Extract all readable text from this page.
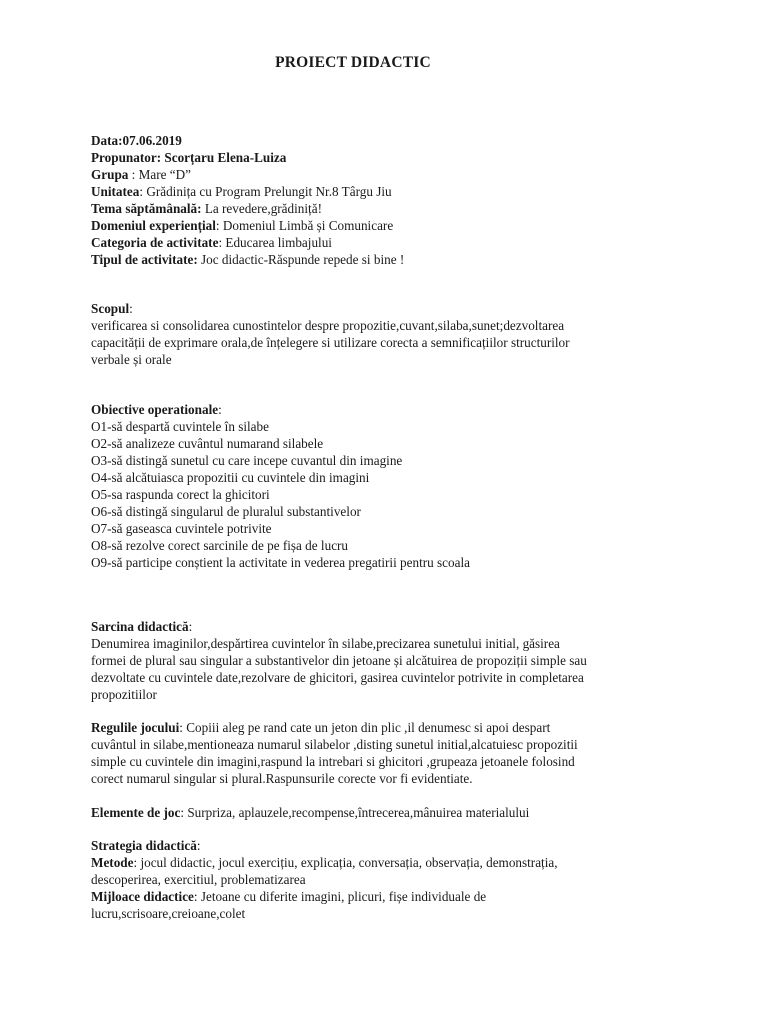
PROIECT DIDACTIC
Data:07.06.2019
Propunator: Scorțaru Elena-Luiza
Grupa : Mare “D”
Unitatea: Grădinița cu Program Prelungit Nr.8 Târgu Jiu
Tema săptămânală: La revedere,grădiniță!
Domeniul experiențial: Domeniul Limbă și Comunicare
Categoria de activitate: Educarea limbajului
Tipul de activitate: Joc didactic-Răspunde repede si bine !
Scopul:
verificarea si consolidarea cunostintelor despre propozitie,cuvant,silaba,sunet;dezvoltarea
capacității de exprimare orala,de înțelegere si utilizare corecta a semnificațiilor structurilor
verbale și orale
Obiective operationale:
O1-să despartă cuvintele în silabe
O2-să analizeze cuvântul numarand silabele
O3-să distingă sunetul cu care incepe cuvantul din imagine
O4-să alcătuiasca propozitii cu cuvintele din imagini
O5-sa raspunda corect la ghicitori
O6-să distingă singularul de pluralul substantivelor
O7-să gaseasca cuvintele potrivite
O8-să rezolve corect sarcinile de pe fișa de lucru
O9-să participe conștient la activitate in vederea pregatirii pentru scoala
Sarcina didactică:
Denumirea imaginilor,despărtirea cuvintelor în silabe,precizarea sunetului initial, găsirea
formei de plural sau singular a substantivelor din jetoane și alcătuirea de propoziții simple sau
dezvoltate cu cuvintele date,rezolvare de ghicitori, gasirea cuvintelor potrivite in completarea
propozitiilor
Regulile jocului: Copiii aleg pe rand cate un jeton din plic ,il denumesc si apoi despart
cuvântul in silabe,mentioneaza numarul silabelor ,disting sunetul initial,alcatuiesc propozitii
simple cu cuvintele din imagini,raspund la intrebari si ghicitori ,grupeaza jetoanele folosind
corect numarul singular si plural.Raspunsurile corecte vor fi evidentiate.
Elemente de joc: Surpriza, aplauzele,recompense,întrecerea,mânuirea materialului
Strategia didactică:
Metode: jocul didactic, jocul exercițiu, explicația, conversația, observația, demonstrația,
descoperirea, exercitiul, problematizarea
Mijloace didactice: Jetoane cu diferite imagini, plicuri, fișe individuale de
lucru,scrisoare,creioane,colet
